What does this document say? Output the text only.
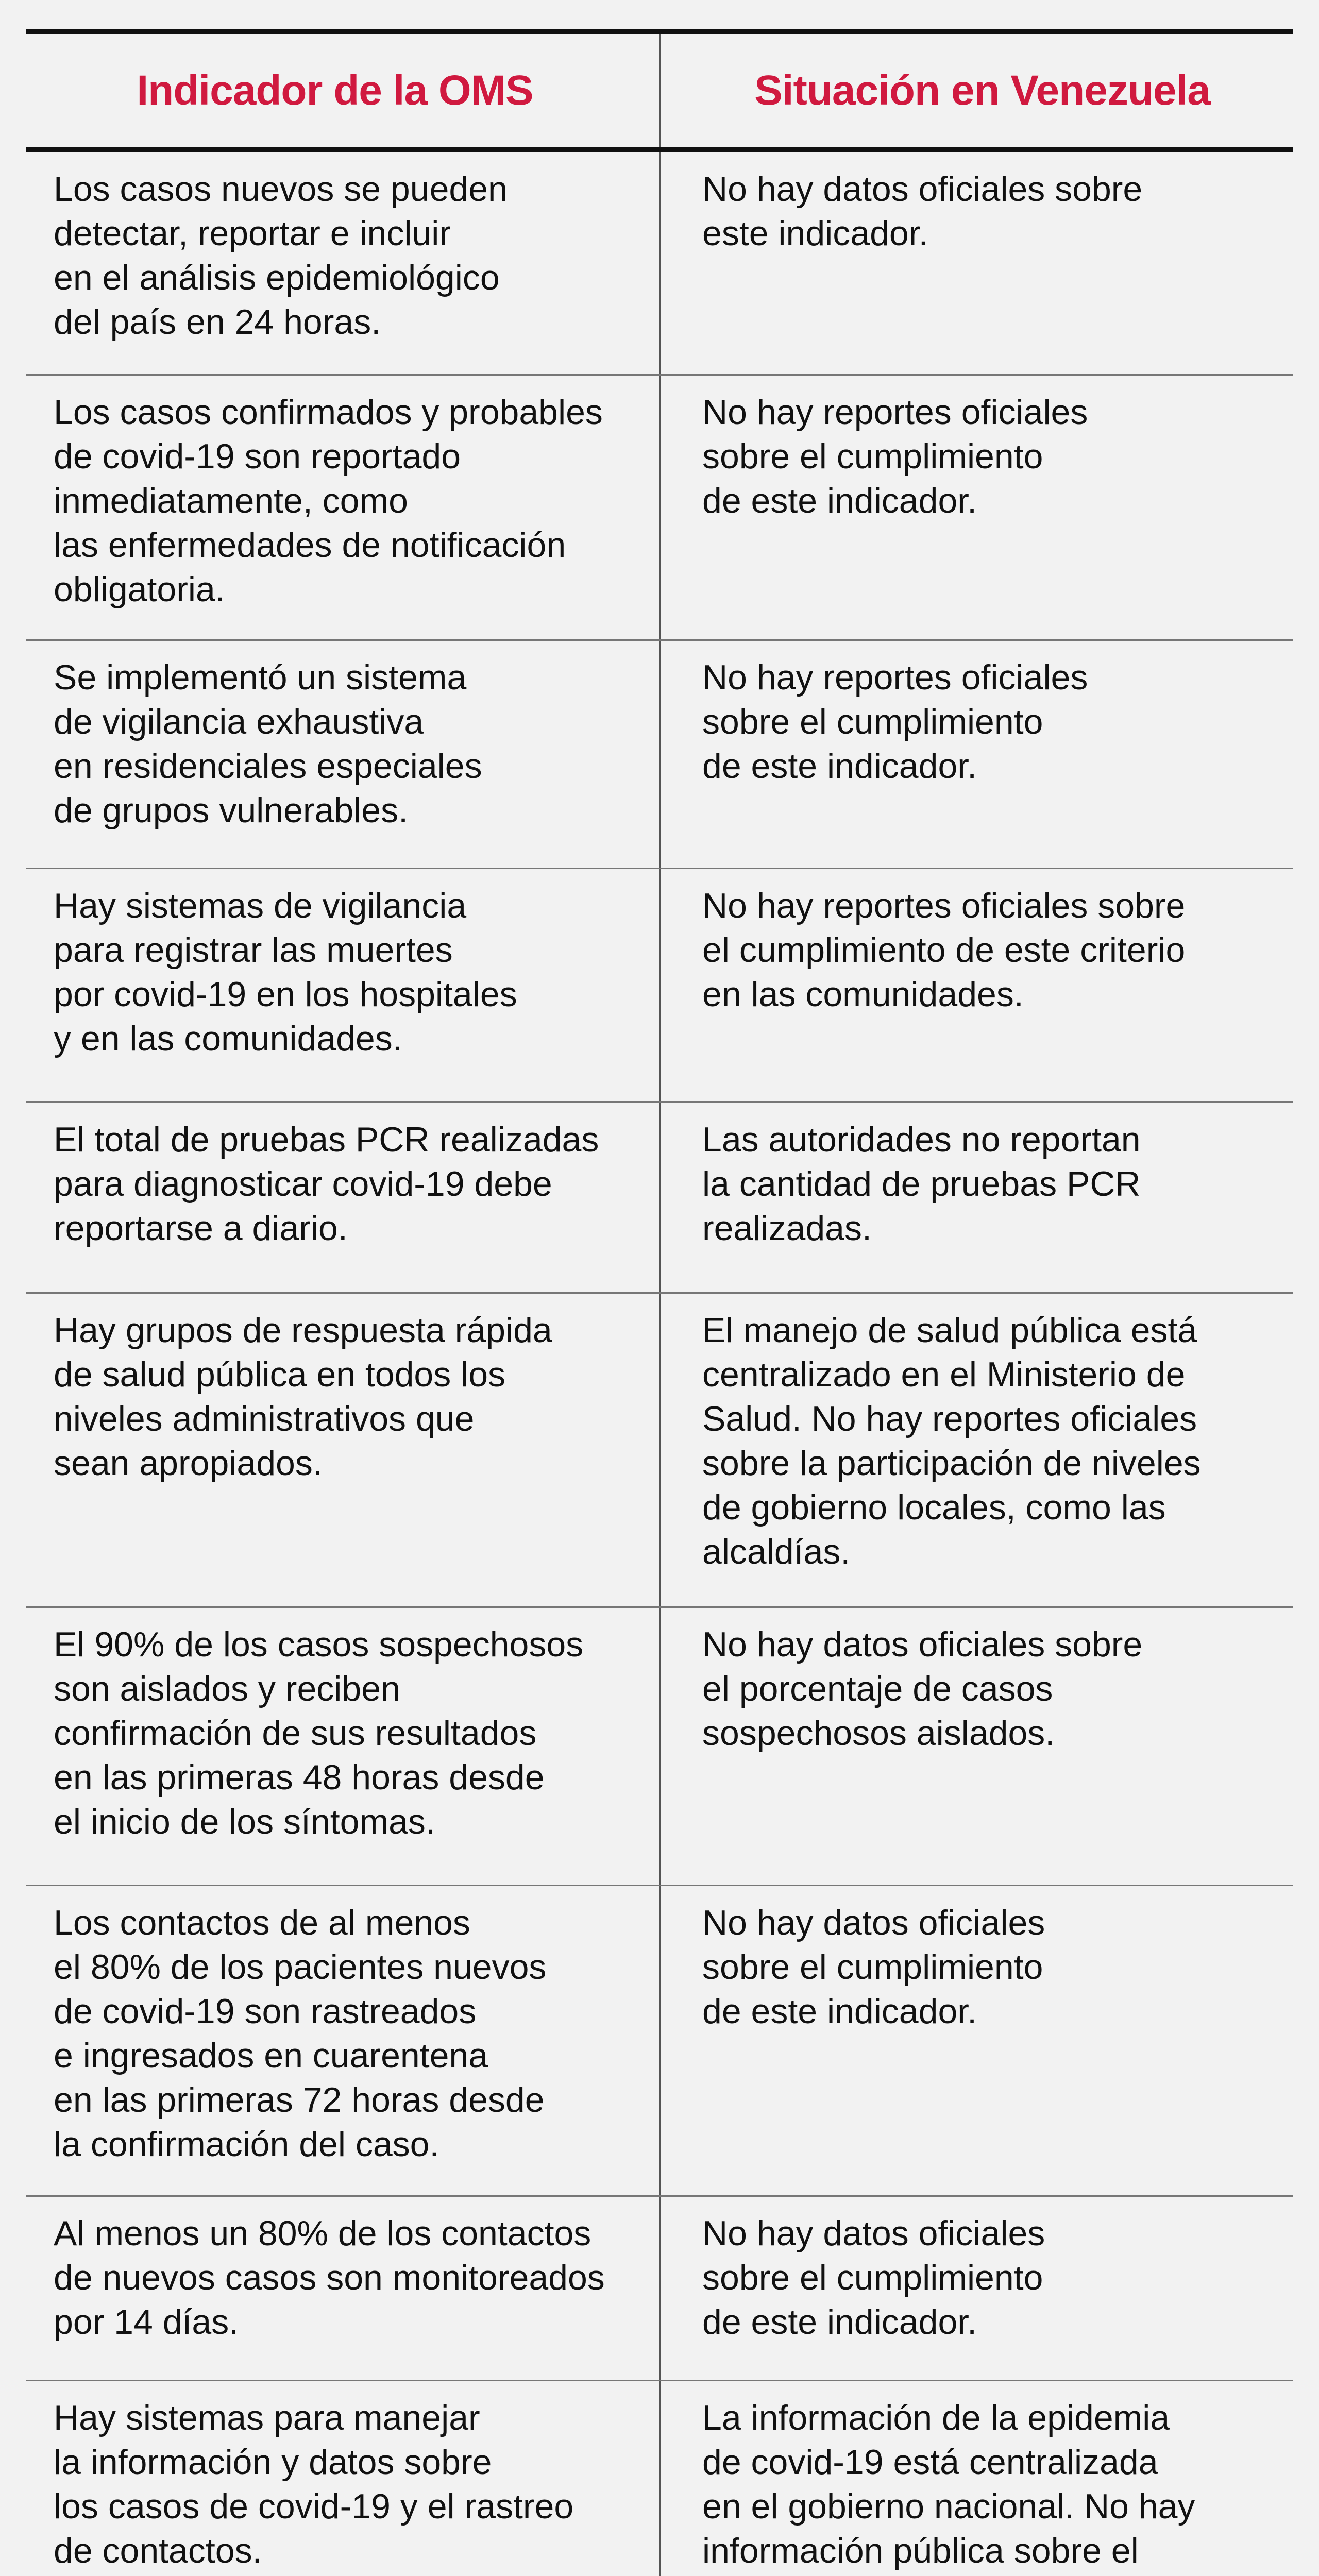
Indicador de la OMS	Situación en Venezuela
Los casos nuevos se pueden
detectar, reportar e incluir
en el análisis epidemiológico
del país en 24 horas.
No hay datos oficiales sobre
este indicador.
Los casos confirmados y probables
de covid-19 son reportado
inmediatamente, como
las enfermedades de notificación
obligatoria.
No hay reportes oficiales
sobre el cumplimiento
de este indicador.
Se implementó un sistema
de vigilancia exhaustiva
en residenciales especiales
de grupos vulnerables.
No hay reportes oficiales
sobre el cumplimiento
de este indicador.
Hay sistemas de vigilancia
para registrar las muertes
por covid-19 en los hospitales
y en las comunidades.
No hay reportes oficiales sobre
el cumplimiento de este criterio
en las comunidades.
El total de pruebas PCR realizadas
para diagnosticar covid-19 debe
reportarse a diario.
Las autoridades no reportan
la cantidad de pruebas PCR
realizadas.
Hay grupos de respuesta rápida
de salud pública en todos los
niveles administrativos que
sean apropiados.
El manejo de salud pública está
centralizado en el Ministerio de
Salud. No hay reportes oficiales
sobre la participación de niveles
de gobierno locales, como las
alcaldías.
El 90% de los casos sospechosos
son aislados y reciben
confirmación de sus resultados
en las primeras 48 horas desde
el inicio de los síntomas.
No hay datos oficiales sobre
el porcentaje de casos
sospechosos aislados.
Los contactos de al menos
el 80% de los pacientes nuevos
de covid-19 son rastreados
e ingresados en cuarentena
en las primeras 72 horas desde
la confirmación del caso.
No hay datos oficiales
sobre el cumplimiento
de este indicador.
Al menos un 80% de los contactos
de nuevos casos son monitoreados
por 14 días.
No hay datos oficiales
sobre el cumplimiento
de este indicador.
Hay sistemas para manejar
la información y datos sobre
los casos de covid-19 y el rastreo
de contactos.
La información de la epidemia
de covid-19 está centralizada
en el gobierno nacional. No hay
información pública sobre el
